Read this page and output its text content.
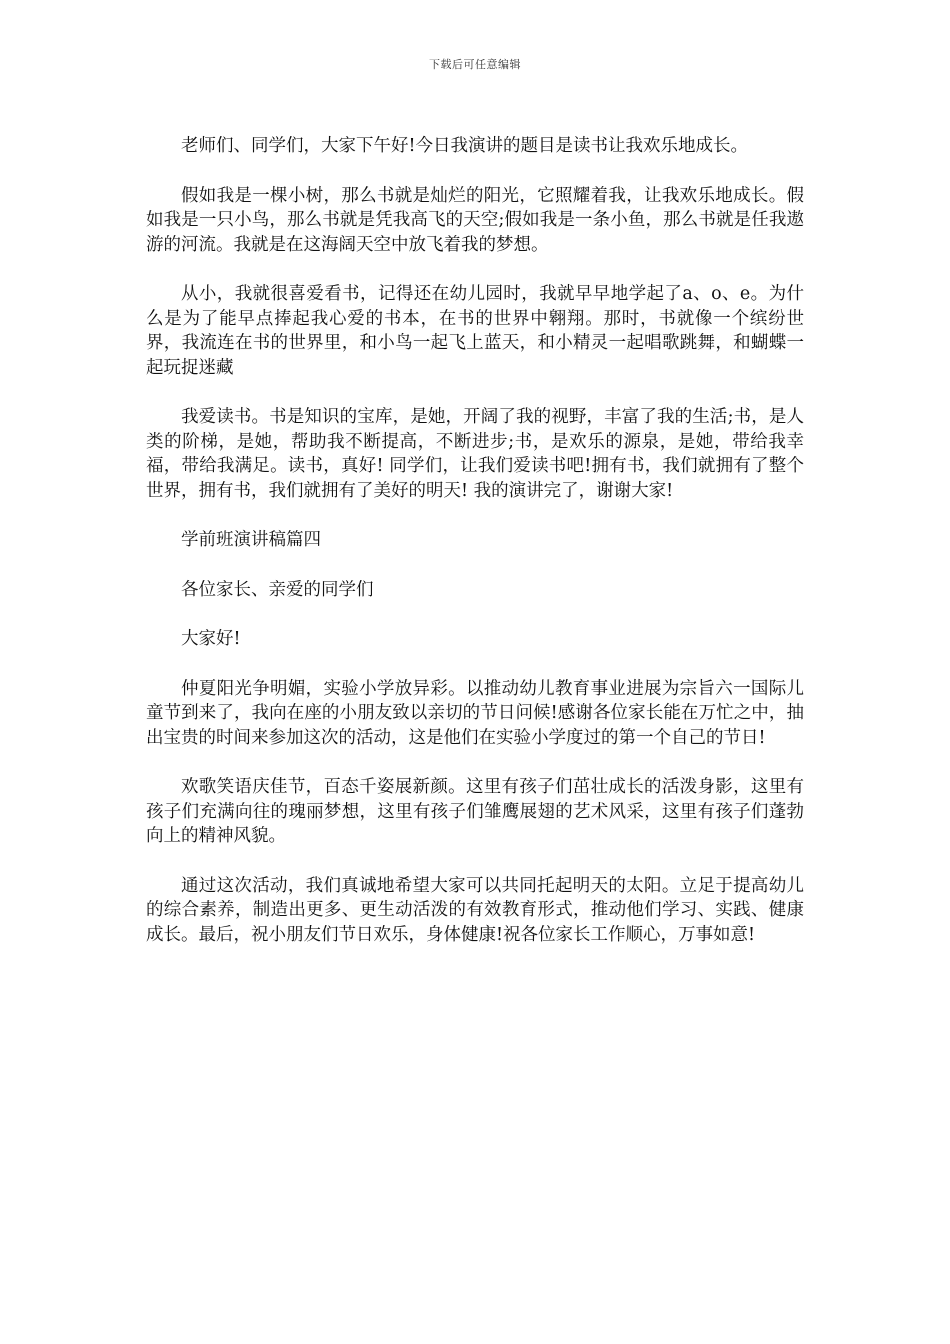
下载后可任意编辑

老师们、同学们，大家下午好!今日我演讲的题目是读书让我欢乐地成长。

假如我是一棵小树，那么书就是灿烂的阳光，它照耀着我，让我欢乐地成长。假如我是一只小鸟，那么书就是凭我高飞的天空;假如我是一条小鱼，那么书就是任我遨游的河流。我就是在这海阔天空中放飞着我的梦想。

从小，我就很喜爱看书，记得还在幼儿园时，我就早早地学起了a、o、e。为什么是为了能早点捧起我心爱的书本，在书的世界中翱翔。那时，书就像一个缤纷世界，我流连在书的世界里，和小鸟一起飞上蓝天，和小精灵一起唱歌跳舞，和蝴蝶一起玩捉迷藏

我爱读书。书是知识的宝库，是她，开阔了我的视野，丰富了我的生活;书，是人类的阶梯，是她，帮助我不断提高，不断进步;书，是欢乐的源泉，是她，带给我幸福，带给我满足。读书，真好! 同学们，让我们爱读书吧!拥有书，我们就拥有了整个世界，拥有书，我们就拥有了美好的明天! 我的演讲完了，谢谢大家!

学前班演讲稿篇四

各位家长、亲爱的同学们

大家好!

仲夏阳光争明媚，实验小学放异彩。以推动幼儿教育事业进展为宗旨六一国际儿童节到来了，我向在座的小朋友致以亲切的节日问候!感谢各位家长能在万忙之中，抽出宝贵的时间来参加这次的活动，这是他们在实验小学度过的第一个自己的节日!

欢歌笑语庆佳节，百态千姿展新颜。这里有孩子们茁壮成长的活泼身影，这里有孩子们充满向往的瑰丽梦想，这里有孩子们雏鹰展翅的艺术风采，这里有孩子们蓬勃向上的精神风貌。

通过这次活动，我们真诚地希望大家可以共同托起明天的太阳。立足于提高幼儿的综合素养，制造出更多、更生动活泼的有效教育形式，推动他们学习、实践、健康成长。最后，祝小朋友们节日欢乐，身体健康!祝各位家长工作顺心，万事如意!
